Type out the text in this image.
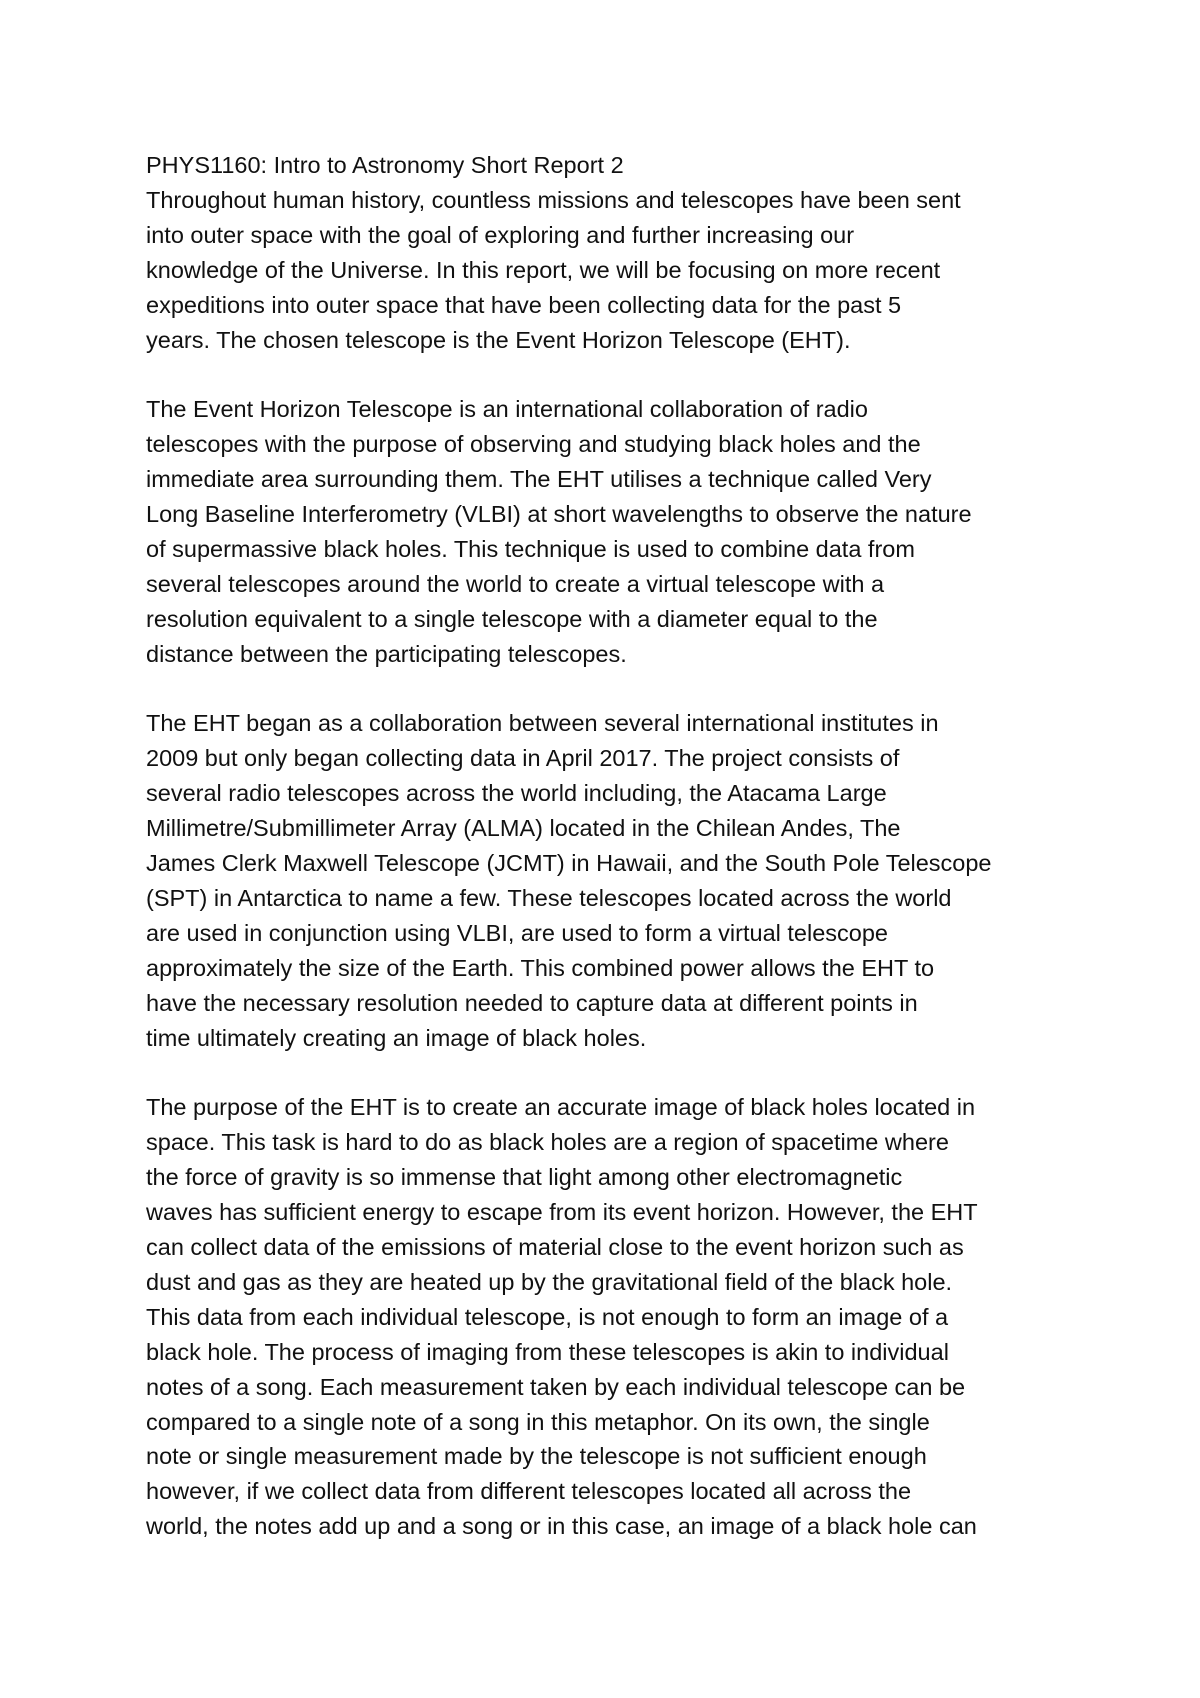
PHYS1160: Intro to Astronomy Short Report 2
Throughout human history, countless missions and telescopes have been sent
into outer space with the goal of exploring and further increasing our
knowledge of the Universe. In this report, we will be focusing on more recent
expeditions into outer space that have been collecting data for the past 5
years. The chosen telescope is the Event Horizon Telescope (EHT).
The Event Horizon Telescope is an international collaboration of radio
telescopes with the purpose of observing and studying black holes and the
immediate area surrounding them. The EHT utilises a technique called Very
Long Baseline Interferometry (VLBI) at short wavelengths to observe the nature
of supermassive black holes. This technique is used to combine data from
several telescopes around the world to create a virtual telescope with a
resolution equivalent to a single telescope with a diameter equal to the
distance between the participating telescopes.
The EHT began as a collaboration between several international institutes in
2009 but only began collecting data in April 2017. The project consists of
several radio telescopes across the world including, the Atacama Large
Millimetre/Submillimeter Array (ALMA) located in the Chilean Andes, The
James Clerk Maxwell Telescope (JCMT) in Hawaii, and the South Pole Telescope
(SPT) in Antarctica to name a few. These telescopes located across the world
are used in conjunction using VLBI, are used to form a virtual telescope
approximately the size of the Earth. This combined power allows the EHT to
have the necessary resolution needed to capture data at different points in
time ultimately creating an image of black holes.
The purpose of the EHT is to create an accurate image of black holes located in
space. This task is hard to do as black holes are a region of spacetime where
the force of gravity is so immense that light among other electromagnetic
waves has sufficient energy to escape from its event horizon. However, the EHT
can collect data of the emissions of material close to the event horizon such as
dust and gas as they are heated up by the gravitational field of the black hole.
This data from each individual telescope, is not enough to form an image of a
black hole. The process of imaging from these telescopes is akin to individual
notes of a song. Each measurement taken by each individual telescope can be
compared to a single note of a song in this metaphor. On its own, the single
note or single measurement made by the telescope is not sufficient enough
however, if we collect data from different telescopes located all across the
world, the notes add up and a song or in this case, an image of a black hole can
